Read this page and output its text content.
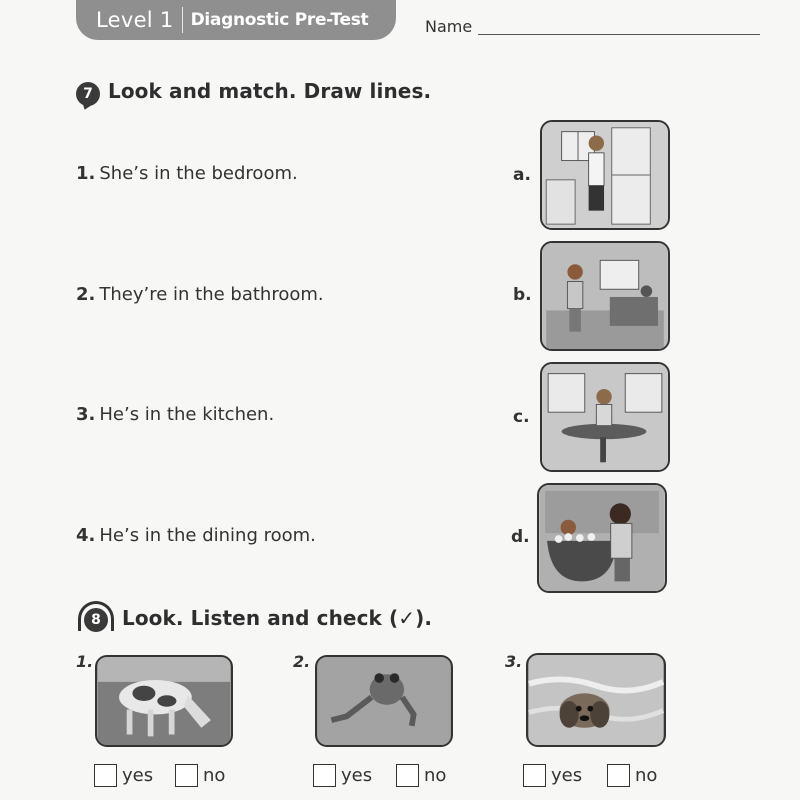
Level 1 Diagnostic Pre-Test	Name
7 Look and match. Draw lines.
1. She’s in the bedroom.
2. They’re in the bathroom.
3. He’s in the kitchen.
4. He’s in the dining room.
a.
b.
c.
d.
8 Look. Listen and check (✓).
1.	2.	3.
yes	no	yes	no	yes	no
